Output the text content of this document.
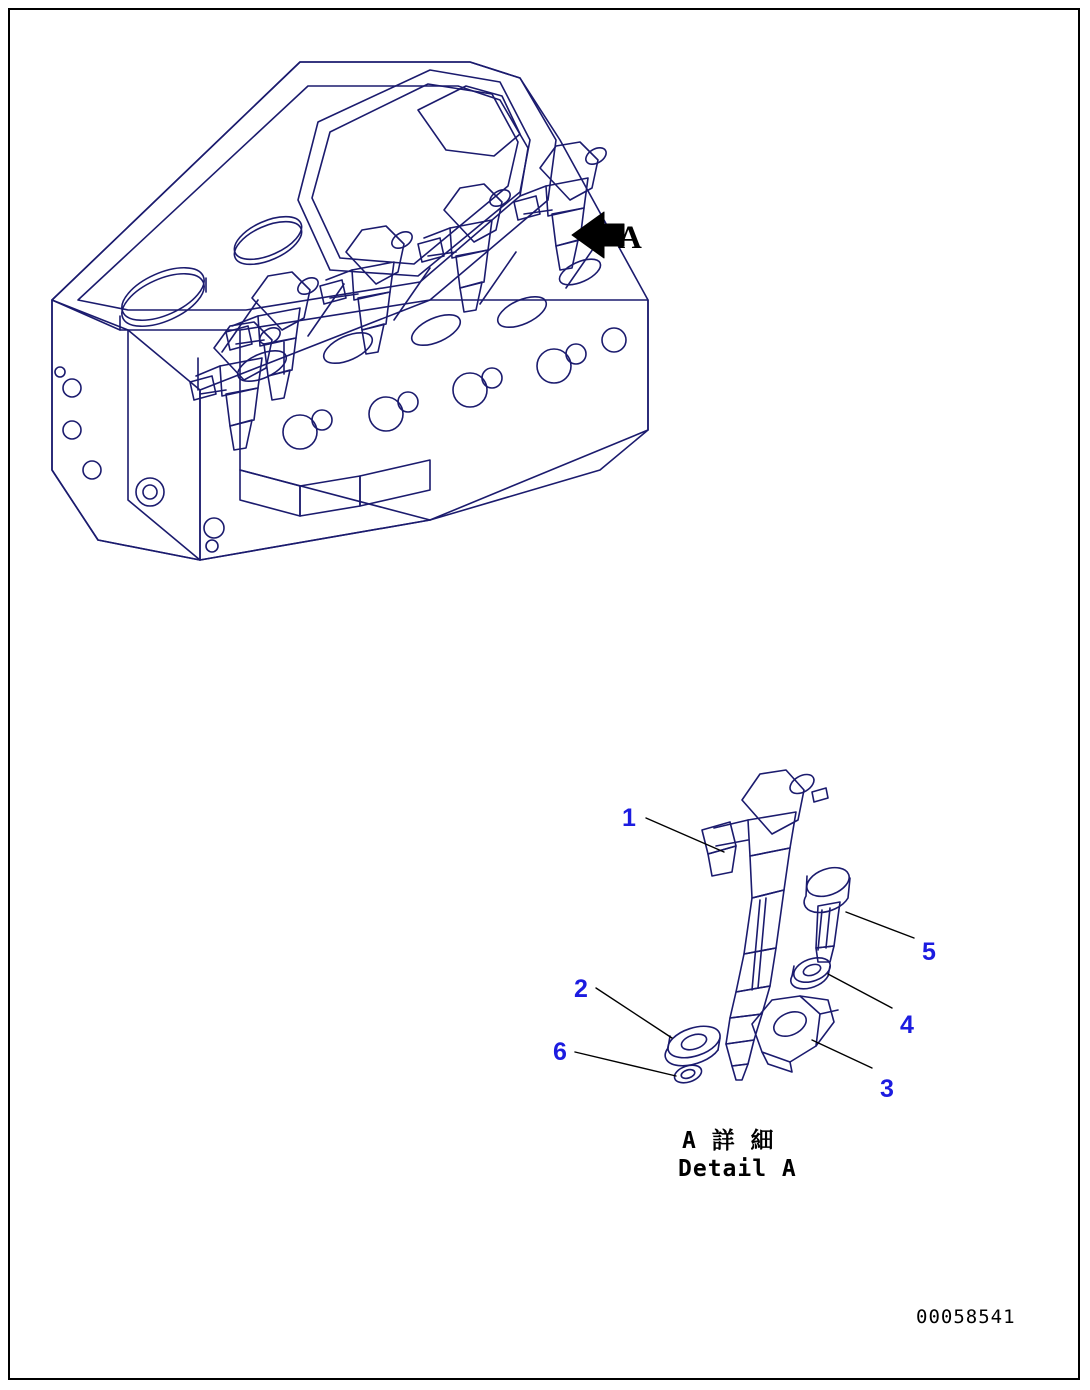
A
1
2
3
4
5
6
A 詳 細
Detail A
00058541
